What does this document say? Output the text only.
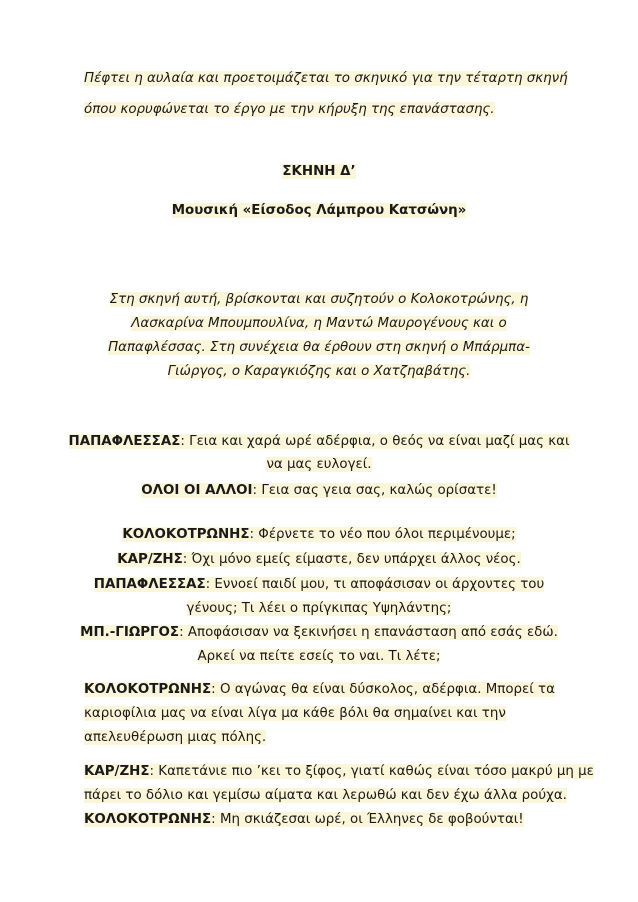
Πέφτει η αυλαία και προετοιμάζεται το σκηνικό για την τέταρτη σκηνή
όπου κορυφώνεται το έργο με την κήρυξη της επανάστασης.
ΣΚΗΝΗ Δ’
Μουσική «Είσοδος Λάμπρου Κατσώνη»
Στη σκηνή αυτή, βρίσκονται και συζητούν ο Κολοκοτρώνης, η
Λασκαρίνα Μπουμπουλίνα, η Μαντώ Μαυρογένους και ο
Παπαφλέσσας. Στη συνέχεια θα έρθουν στη σκηνή ο Μπάρμπα-
Γιώργος, ο Καραγκιόζης και ο Χατζηαβάτης.
ΠΑΠΑΦΛΕΣΣΑΣ: Γεια και χαρά ωρέ αδέρφια, ο θεός να είναι μαζί μας και
να μας ευλογεί.
ΟΛΟΙ ΟΙ ΑΛΛΟΙ: Γεια σας γεια σας, καλώς ορίσατε!
ΚΟΛΟΚΟΤΡΩΝΗΣ: Φέρνετε το νέο που όλοι περιμένουμε;
ΚΑΡ/ΖΗΣ: Όχι μόνο εμείς είμαστε, δεν υπάρχει άλλος νέος.
ΠΑΠΑΦΛΕΣΣΑΣ: Εννοεί παιδί μου, τι αποφάσισαν οι άρχοντες του
γένους; Τι λέει ο πρίγκιπας Υψηλάντης;
ΜΠ.-ΓΙΩΡΓΟΣ: Αποφάσισαν να ξεκινήσει η επανάσταση από εσάς εδώ.
Αρκεί να πείτε εσείς το ναι. Τι λέτε;
ΚΟΛΟΚΟΤΡΩΝΗΣ: Ο αγώνας θα είναι δύσκολος, αδέρφια. Μπορεί τα
καριοφίλια μας να είναι λίγα μα κάθε βόλι θα σημαίνει και την
απελευθέρωση μιας πόλης.
ΚΑΡ/ΖΗΣ: Καπετάνιε πιο ’κει το ξίφος, γιατί καθώς είναι τόσο μακρύ μη με
πάρει το δόλιο και γεμίσω αίματα και λερωθώ και δεν έχω άλλα ρούχα.
ΚΟΛΟΚΟΤΡΩΝΗΣ: Μη σκιάζεσαι ωρέ, οι Έλληνες δε φοβούνται!
